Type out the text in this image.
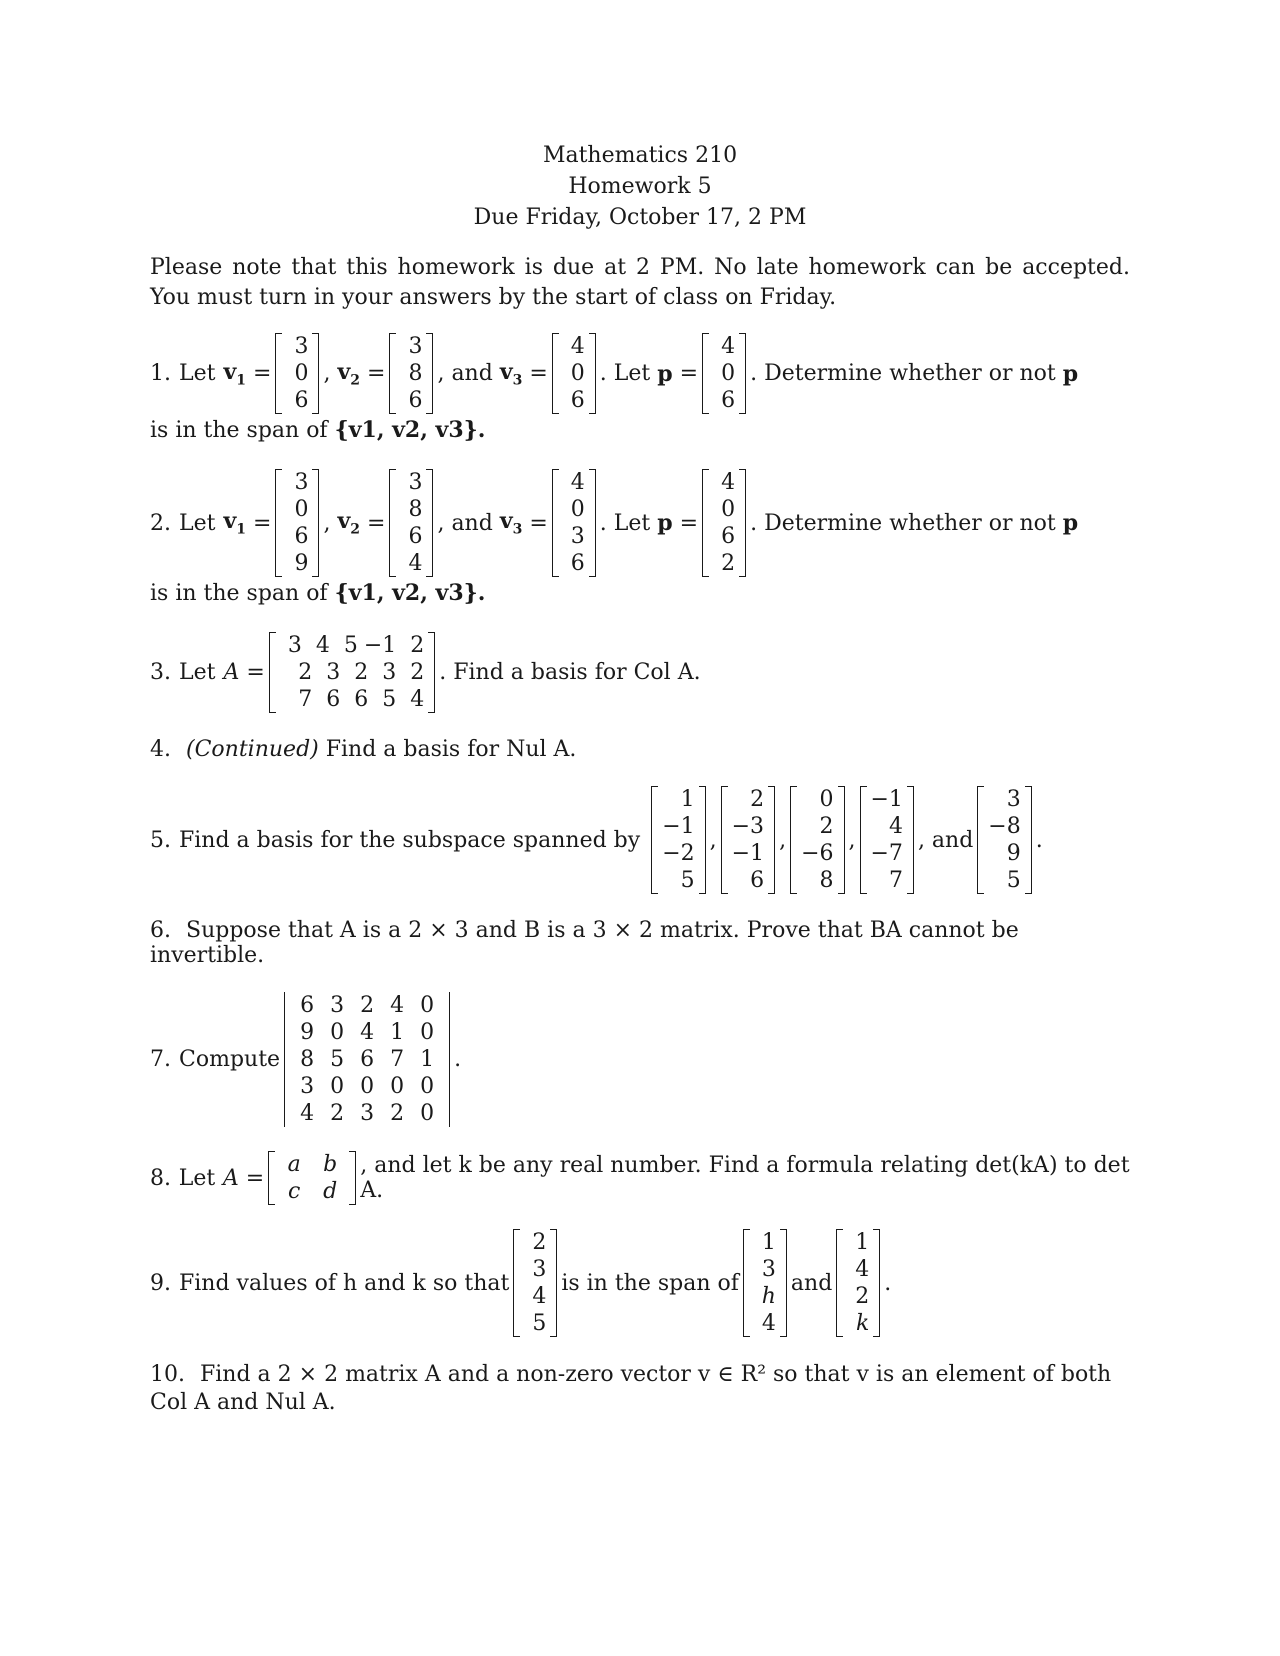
Mathematics 210
Homework 5
Due Friday, October 17, 2 PM

Please note that this homework is due at 2 PM. No late homework can be accepted. You must turn in your answers by the start of class on Friday.

1. Let $v_1$ =
3
0
6
, $v_2$ =
3
8
6
, and
$v_3$ =
4
0
6
. Let
p =
4
0
6
. Determine whether or not
p
is in the span of {v1, v2, v3}.
2. Let $v_1$ =
3
0
6
9
, $v_2$ =
3
8
6
4
, and
$v_3$ =
4
0
3
6
. Let
p =
4
0
6
2
. Determine whether or not
p
is in the span of {v1, v2, v3}.
3. Let A =
3 4 5 −1 2
2 3 2 3 2
7 6 6 5 4
. Find a basis for Col A.
4. (Continued) Find a basis for Nul A.
5. Find a basis for the subspace spanned by

1
−1
−2
5
,
2
−3
−1
6
,
0
2
−6
8
,
−1
4
−7
7
, and
3
−8
9
5
.
6. Suppose that A is a 2 × 3 and B is a 3 × 2 matrix. Prove that BA cannot be invertible.
7. Compute
6 3 2 4 0
9 0 4 1 0
8 5 6 7 1
3 0 0 0 0
4 2 3 2 0
.
8. Let A =
a	b
c	d
, and let k be any real number. Find a formula relating det(kA) to det A.
9. Find values of h and k so that
2
3
4
5
is in the span of
1
3
h
4
and
1
4
2
k
.
10. Find a 2 × 2 matrix A and a non-zero vector v ∈ R² so that v is an element of both Col A and Nul A.
